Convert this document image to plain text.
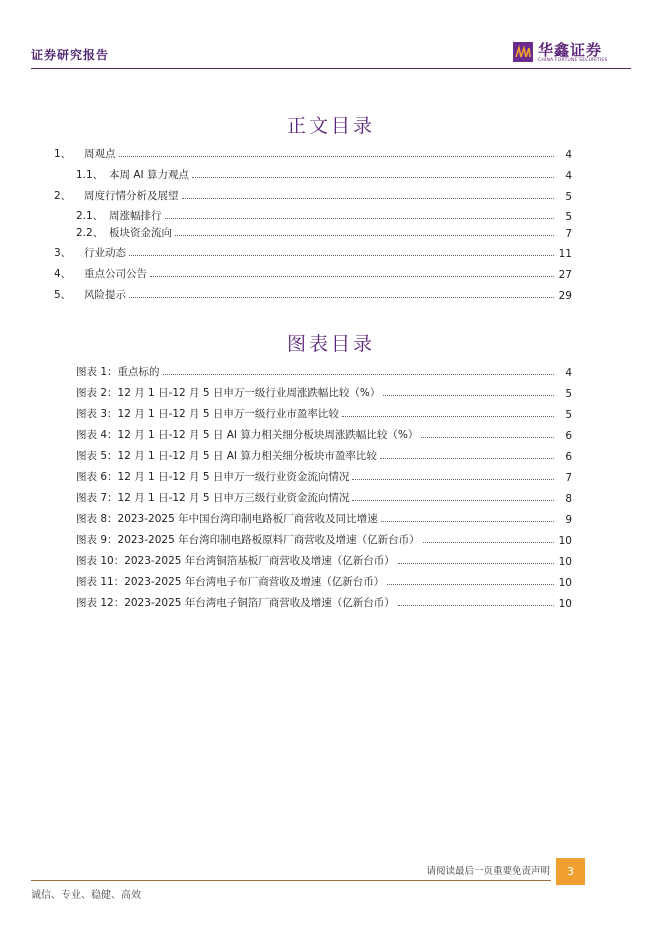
证券研究报告	华鑫证券
CHINA FORTUNE SECURITIES
正文目录
1、	周观点	4
1.1、 本周 AI 算力观点	4
2、	周度行情分析及展望	5
2.1、 周涨幅排行	5
2.2、 板块资金流向	7
3、	行业动态	11
4、	重点公司公告	27
5、	风险提示	29
图表目录
图表 1：重点标的	4
图表 2：12 月 1 日-12 月 5 日申万一级行业周涨跌幅比较（%）	5
图表 3：12 月 1 日-12 月 5 日申万一级行业市盈率比较	5
图表 4：12 月 1 日-12 月 5 日 AI 算力相关细分板块周涨跌幅比较（%）	6
图表 5：12 月 1 日-12 月 5 日 AI 算力相关细分板块市盈率比较	6
图表 6：12 月 1 日-12 月 5 日申万一级行业资金流向情况	7
图表 7：12 月 1 日-12 月 5 日申万三级行业资金流向情况	8
图表 8：2023-2025 年中国台湾印制电路板厂商营收及同比增速	9
图表 9：2023-2025 年台湾印制电路板原料厂商营收及增速（亿新台币）	10
图表 10：2023-2025 年台湾铜箔基板厂商营收及增速（亿新台币）	10
图表 11：2023-2025 年台湾电子布厂商营收及增速（亿新台币）	10
图表 12：2023-2025 年台湾电子铜箔厂商营收及增速（亿新台币）	10
请阅读最后一页重要免责声明	3
诚信、专业、稳健、高效
